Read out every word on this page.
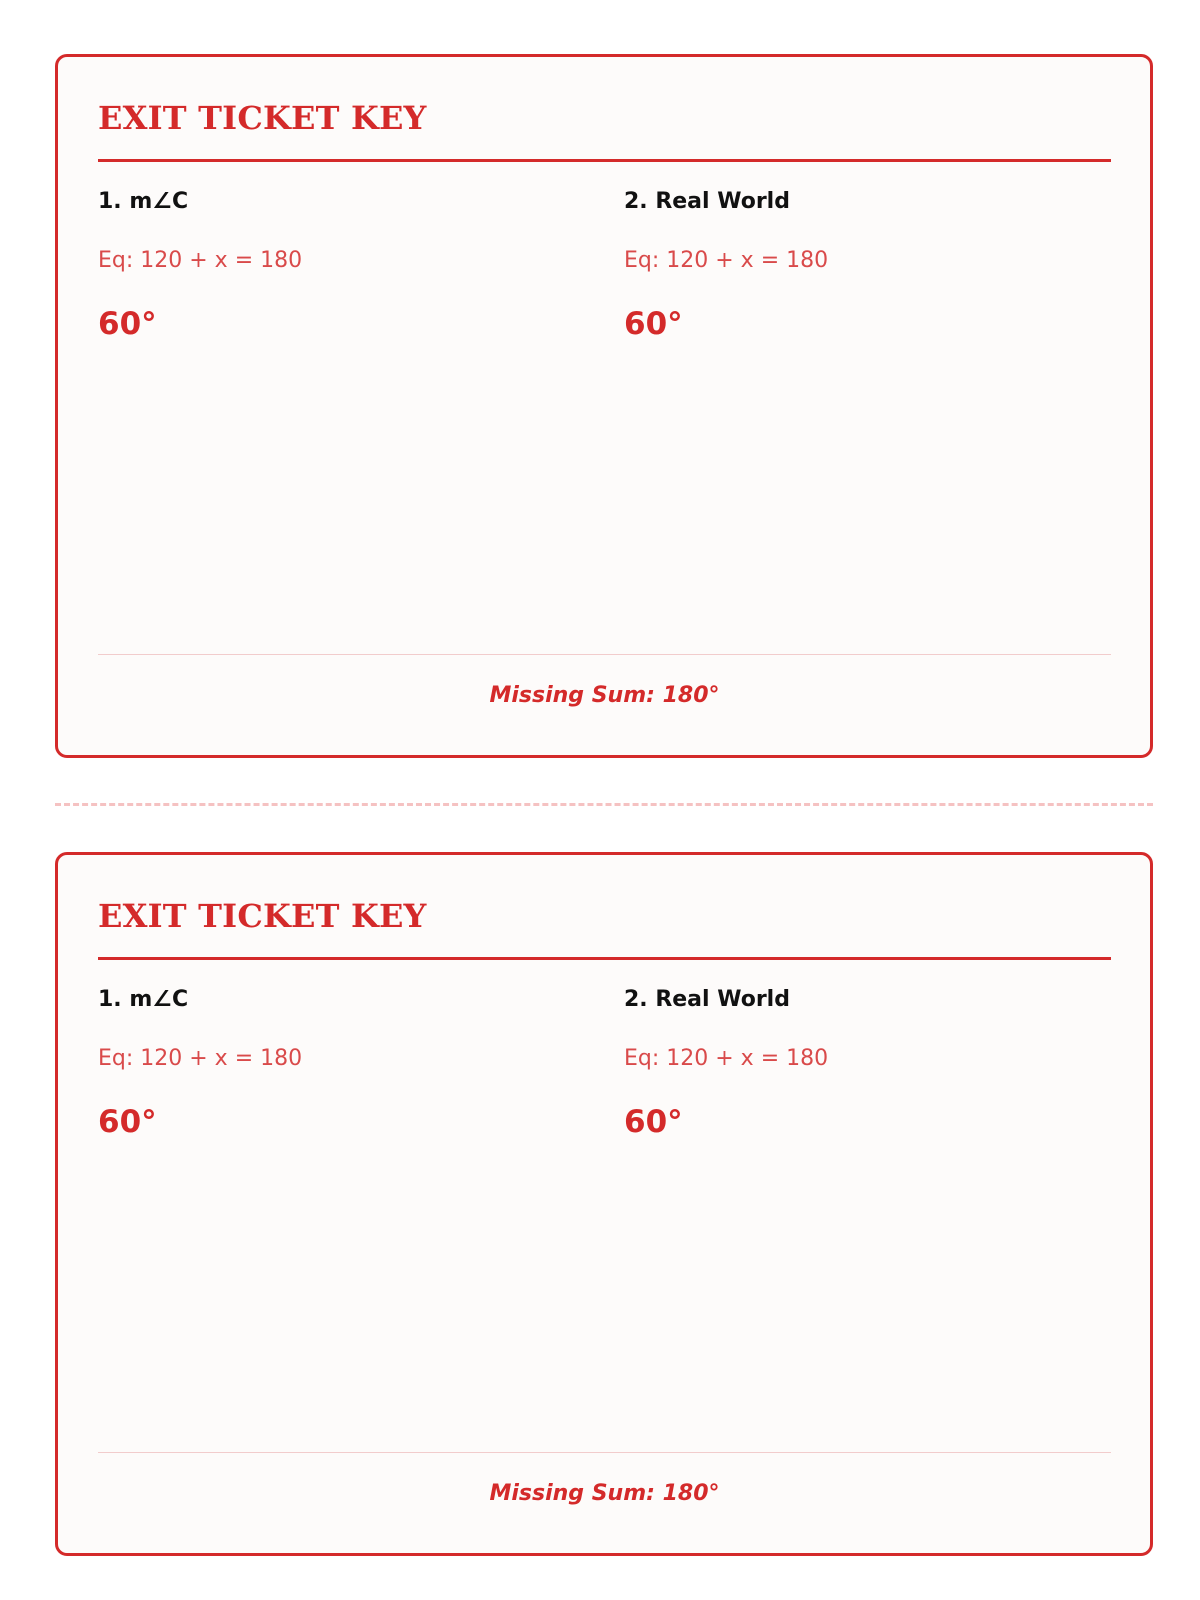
EXIT TICKET KEY
1. m∠C
Eq: 120 + x = 180
60°
2. Real World
Eq: 120 + x = 180
60°
Missing Sum: 180°
EXIT TICKET KEY
1. m∠C
Eq: 120 + x = 180
60°
2. Real World
Eq: 120 + x = 180
60°
Missing Sum: 180°
